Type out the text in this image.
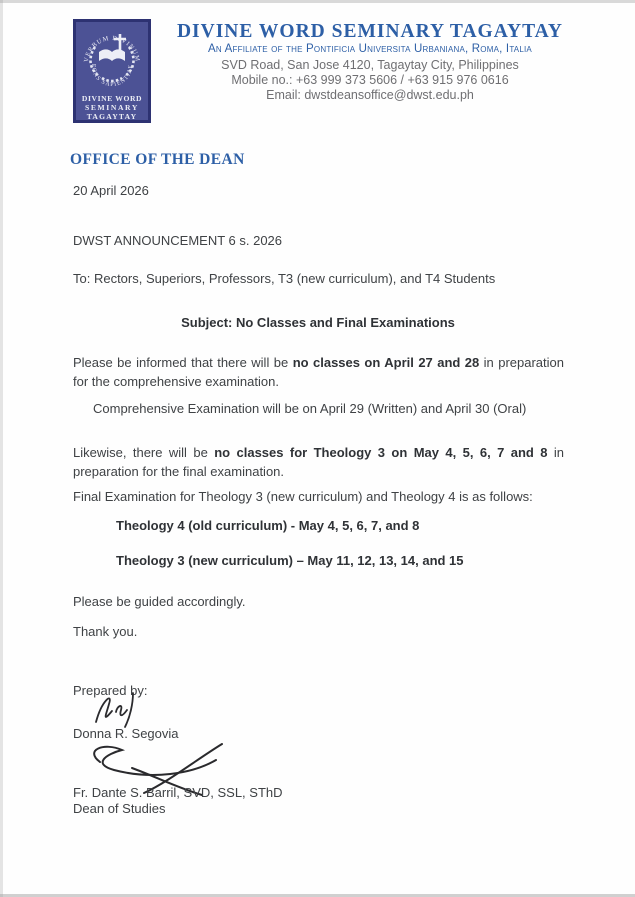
VERBUM DIVINUM
FONS SAPIENTIAE
DIVINE WORD
SEMINARY
TAGAYTAY
DIVINE WORD SEMINARY TAGAYTAY
An Affiliate of the Pontificia Universita Urbaniana, Roma, Italia
SVD Road, San Jose 4120, Tagaytay City, Philippines
Mobile no.: +63 999 373 5606 / +63 915 976 0616
Email: dwstdeansoffice@dwst.edu.ph
OFFICE OF THE DEAN
20 April 2026
DWST ANNOUNCEMENT 6 s. 2026
To: Rectors, Superiors, Professors, T3 (new curriculum), and T4 Students
Subject: No Classes and Final Examinations
Please be informed that there will be no classes on April 27 and 28 in preparation for the comprehensive examination.
Comprehensive Examination will be on April 29 (Written) and April 30 (Oral)
Likewise, there will be no classes for Theology 3 on May 4, 5, 6, 7 and 8 in preparation for the final examination.
Final Examination for Theology 3 (new curriculum) and Theology 4 is as follows:
Theology 4 (old curriculum) - May 4, 5, 6, 7, and 8
Theology 3 (new curriculum) – May 11, 12, 13, 14, and 15
Please be guided accordingly.
Thank you.
Prepared by:
Donna R. Segovia
Fr. Dante S. Barril, SVD, SSL, SThD
Dean of Studies
